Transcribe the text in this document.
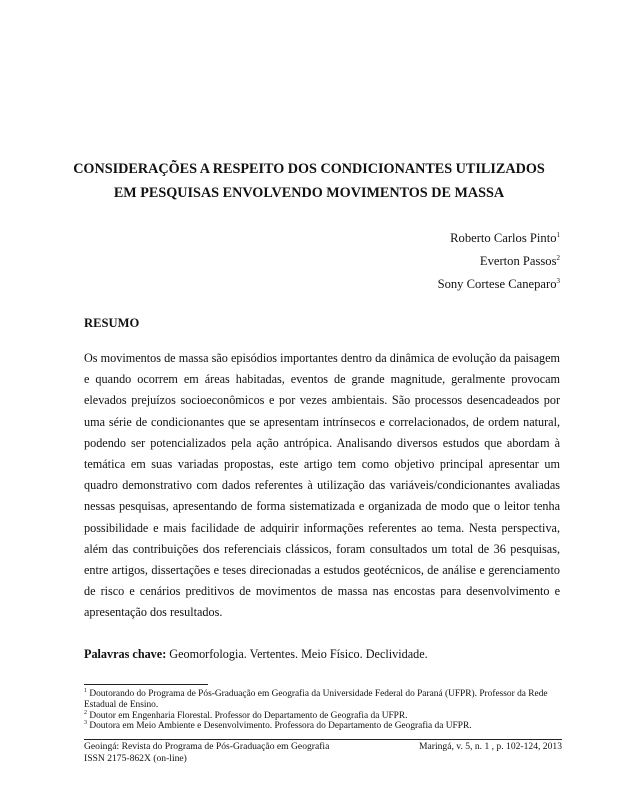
CONSIDERAÇÕES A RESPEITO DOS CONDICIONANTES UTILIZADOS
EM PESQUISAS ENVOLVENDO MOVIMENTOS DE MASSA
Roberto Carlos Pinto$^1$
Everton Passos$^2$
Sony Cortese Caneparo$^3$
RESUMO

Os movimentos de massa são episódios importantes dentro da dinâmica de evolução da paisagem e quando ocorrem em áreas habitadas, eventos de grande magnitude, geralmente provocam elevados prejuízos socioeconômicos e por vezes ambientais. São processos desencadeados por uma série de condicionantes que se apresentam intrínsecos e correlacionados, de ordem natural, podendo ser potencializados pela ação antrópica. Analisando diversos estudos que abordam à temática em suas variadas propostas, este artigo tem como objetivo principal apresentar um quadro demonstrativo com dados referentes à utilização das variáveis/condicionantes avaliadas nessas pesquisas, apresentando de forma sistematizada e organizada de modo que o leitor tenha possibilidade e mais facilidade de adquirir informações referentes ao tema. Nesta perspectiva, além das contribuições dos referenciais clássicos, foram consultados um total de 36 pesquisas, entre artigos, dissertações e teses direcionadas a estudos geotécnicos, de análise e gerenciamento de risco e cenários preditivos de movimentos de massa nas encostas para desenvolvimento e apresentação dos resultados.

Palavras chave: Geomorfologia. Vertentes. Meio Físico. Declividade.

$^1$ Doutorando do Programa de Pós-Graduação em Geografia da Universidade Federal do Paraná (UFPR). Professor da Rede Estadual de Ensino.

$^2$ Doutor em Engenharia Florestal. Professor do Departamento de Geografia da UFPR.

$^3$ Doutora em Meio Ambiente e Desenvolvimento. Professora do Departamento de Geografia da UFPR.

Geoingá: Revista do Programa de Pós-Graduação em Geografia	Maringá, v. 5, n. 1 , p. 102-124, 2013
ISSN 2175-862X (on-line)
